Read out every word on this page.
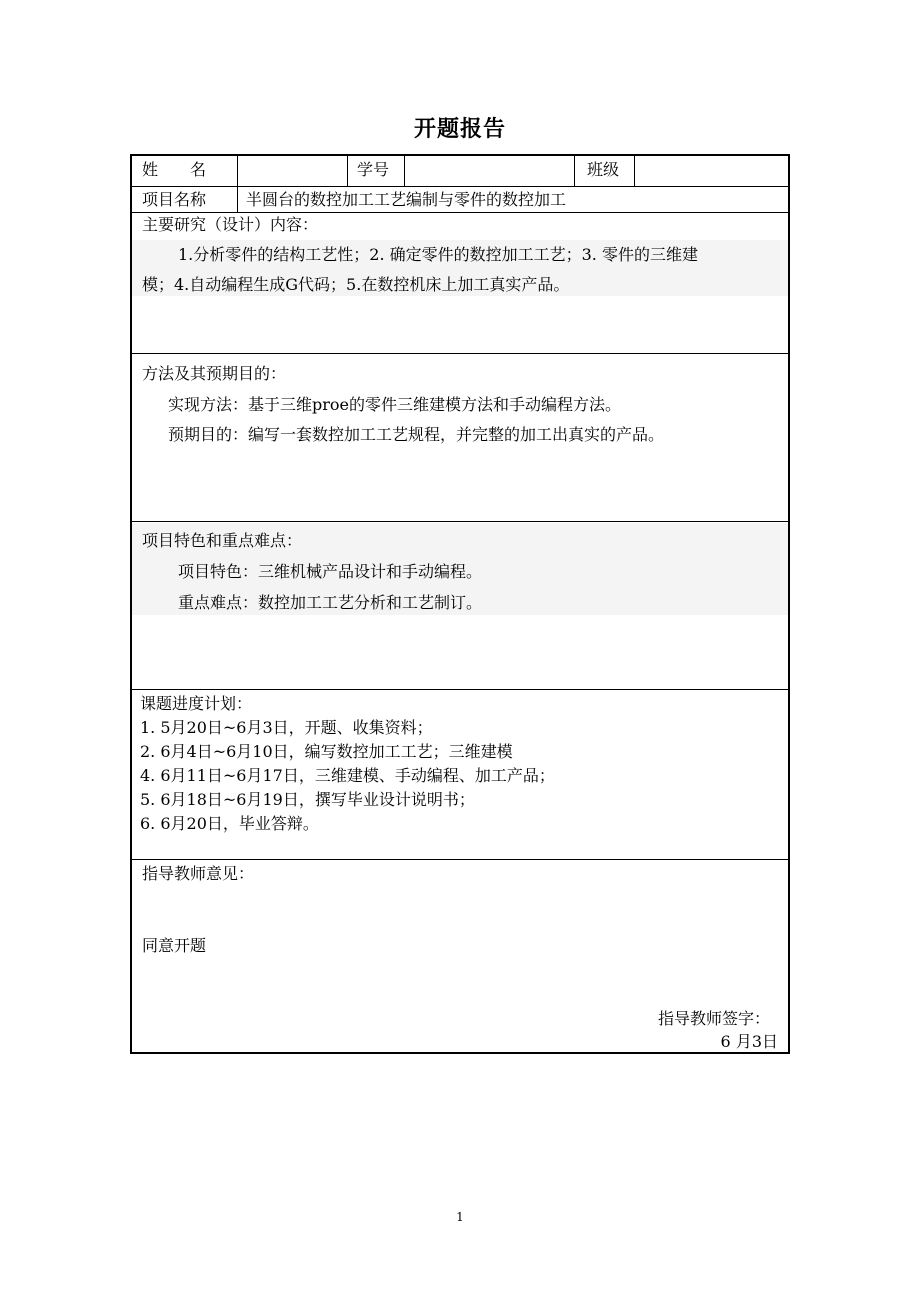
开题报告
姓　　名	学号	班级
项目名称 半圆台的数控加工工艺编制与零件的数控加工
主要研究（设计）内容：
1.分析零件的结构工艺性；2. 确定零件的数控加工工艺；3. 零件的三维建
模；4.自动编程生成G代码；5.在数控机床上加工真实产品。
方法及其预期目的：
实现方法：基于三维proe的零件三维建模方法和手动编程方法。
预期目的：编写一套数控加工工艺规程，并完整的加工出真实的产品。
项目特色和重点难点：
项目特色：三维机械产品设计和手动编程。
重点难点：数控加工工艺分析和工艺制订。
课题进度计划：
1. 5月20日~6月3日，开题、收集资料；
2. 6月4日~6月10日，编写数控加工工艺；三维建模
4. 6月11日~6月17日，三维建模、手动编程、加工产品；
5. 6月18日~6月19日，撰写毕业设计说明书；
6. 6月20日，毕业答辩。
指导教师意见：
同意开题
指导教师签字：
6 月3日
1
